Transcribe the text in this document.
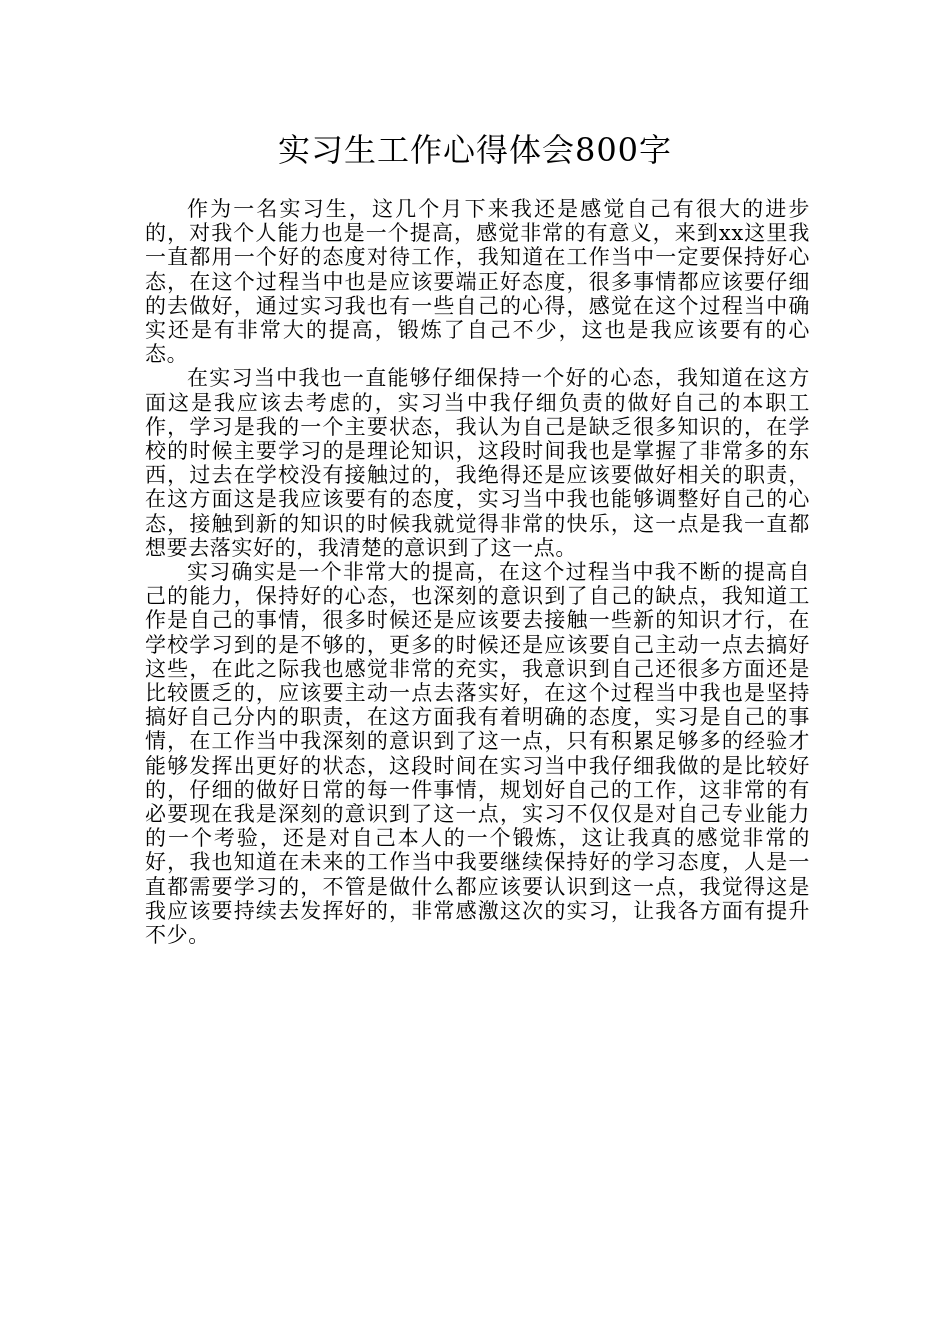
实习生工作心得体会800字

作为一名实习生，这几个月下来我还是感觉自己有很大的进步的，对我个人能力也是一个提高，感觉非常的有意义，来到xx这里我一直都用一个好的态度对待工作，我知道在工作当中一定要保持好心态，在这个过程当中也是应该要端正好态度，很多事情都应该要仔细的去做好，通过实习我也有一些自己的心得，感觉在这个过程当中确实还是有非常大的提高，锻炼了自己不少，这也是我应该要有的心态。

在实习当中我也一直能够仔细保持一个好的心态，我知道在这方面这是我应该去考虑的，实习当中我仔细负责的做好自己的本职工作，学习是我的一个主要状态，我认为自己是缺乏很多知识的，在学校的时候主要学习的是理论知识，这段时间我也是掌握了非常多的东西，过去在学校没有接触过的，我绝得还是应该要做好相关的职责，在这方面这是我应该要有的态度，实习当中我也能够调整好自己的心态，接触到新的知识的时候我就觉得非常的快乐，这一点是我一直都想要去落实好的，我清楚的意识到了这一点。

实习确实是一个非常大的提高，在这个过程当中我不断的提高自己的能力，保持好的心态，也深刻的意识到了自己的缺点，我知道工作是自己的事情，很多时候还是应该要去接触一些新的知识才行，在学校学习到的是不够的，更多的时候还是应该要自己主动一点去搞好这些，在此之际我也感觉非常的充实，我意识到自己还很多方面还是比较匮乏的，应该要主动一点去落实好，在这个过程当中我也是坚持搞好自己分内的职责，在这方面我有着明确的态度，实习是自己的事情，在工作当中我深刻的意识到了这一点，只有积累足够多的经验才能够发挥出更好的状态，这段时间在实习当中我仔细我做的是比较好的，仔细的做好日常的每一件事情，规划好自己的工作，这非常的有必要现在我是深刻的意识到了这一点，实习不仅仅是对自己专业能力的一个考验，还是对自己本人的一个锻炼，这让我真的感觉非常的好，我也知道在未来的工作当中我要继续保持好的学习态度，人是一直都需要学习的，不管是做什么都应该要认识到这一点，我觉得这是我应该要持续去发挥好的，非常感激这次的实习，让我各方面有提升不少。
